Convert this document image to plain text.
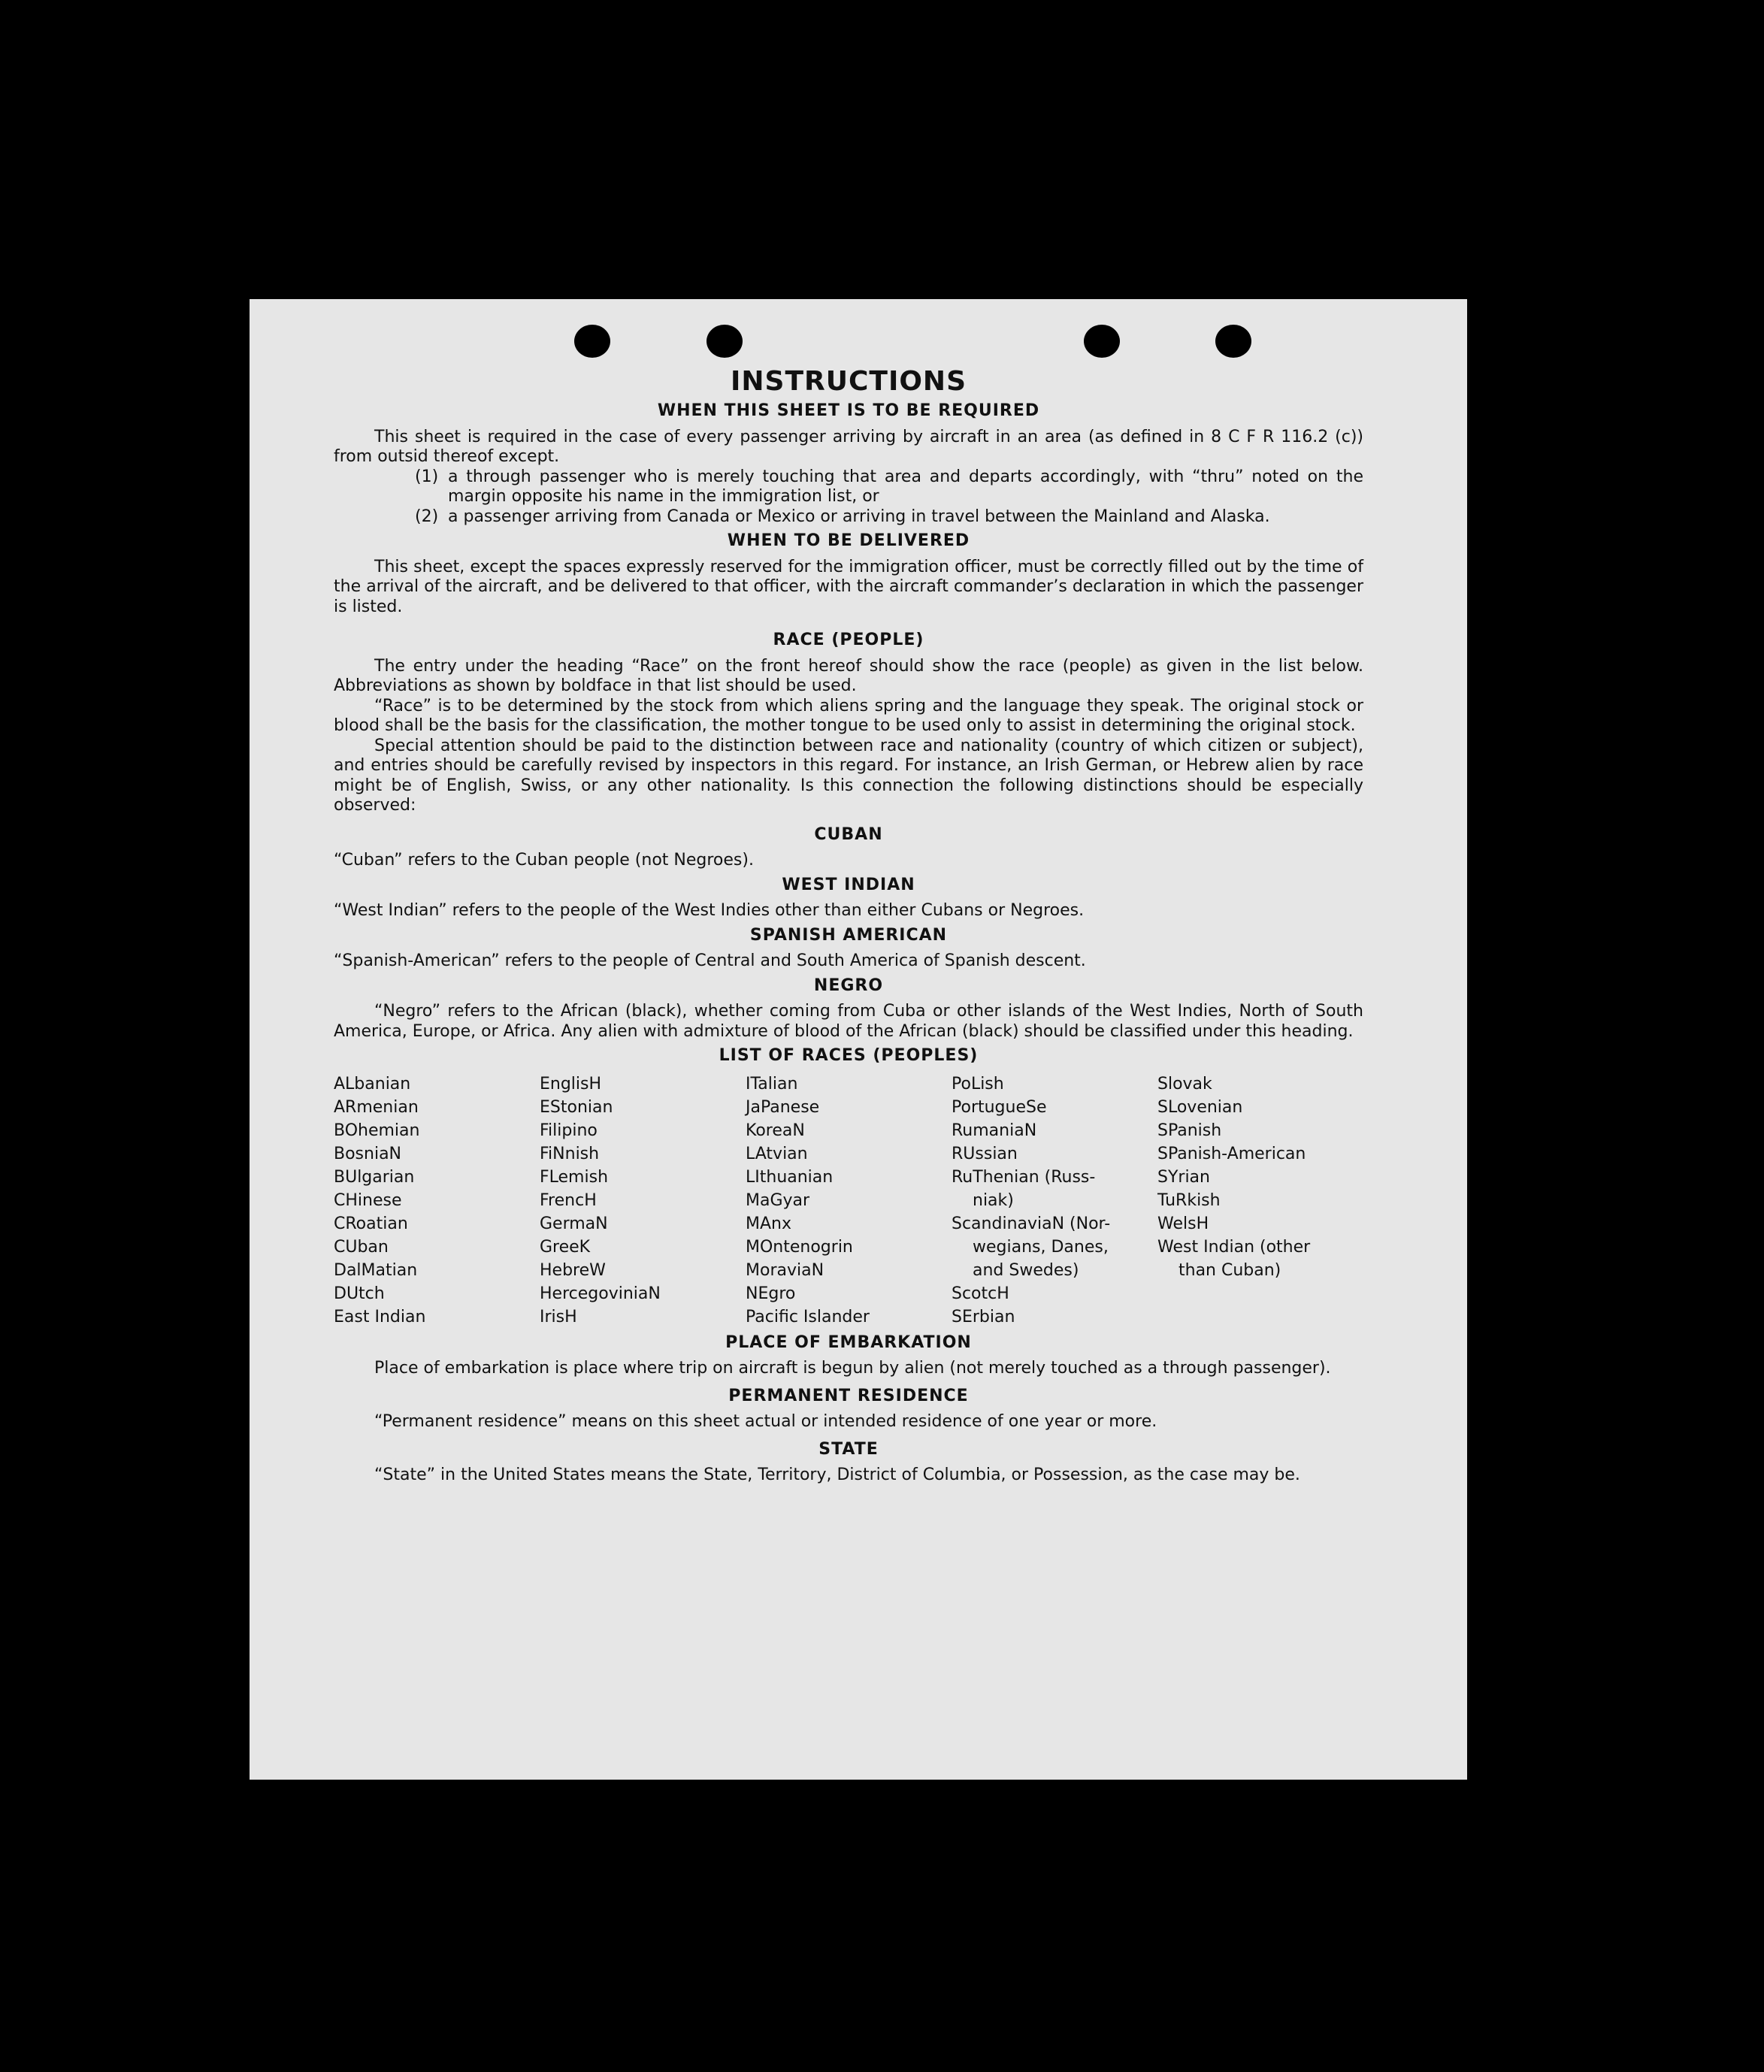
INSTRUCTIONS
WHEN THIS SHEET IS TO BE REQUIRED

This sheet is required in the case of every passenger arriving by aircraft in an area (as defined in 8 C F R 116.2 (c)) from outsid thereof except.

(1) a through passenger who is merely touching that area and departs accordingly, with “thru” noted on the margin opposite his name in the immigration list, or
(2) a passenger arriving from Canada or Mexico or arriving in travel between the Mainland and Alaska.
WHEN TO BE DELIVERED

This sheet, except the spaces expressly reserved for the immigration officer, must be correctly filled out by the time of the arrival of the aircraft, and be delivered to that officer, with the aircraft commander’s declaration in which the passenger is listed.

RACE (PEOPLE)

The entry under the heading “Race” on the front hereof should show the race (people) as given in the list below. Abbreviations as shown by boldface in that list should be used.

“Race” is to be determined by the stock from which aliens spring and the language they speak. The original stock or blood shall be the basis for the classification, the mother tongue to be used only to assist in determining the original stock.

Special attention should be paid to the distinction between race and nationality (country of which citizen or subject), and entries should be carefully revised by inspectors in this regard. For instance, an Irish German, or Hebrew alien by race might be of English, Swiss, or any other nationality. Is this connection the following distinctions should be especially observed:

CUBAN

“Cuban” refers to the Cuban people (not Negroes).

WEST INDIAN

“West Indian” refers to the people of the West Indies other than either Cubans or Negroes.

SPANISH AMERICAN

“Spanish-American” refers to the people of Central and South America of Spanish descent.

NEGRO

“Negro” refers to the African (black), whether coming from Cuba or other islands of the West Indies, North of South America, Europe, or Africa. Any alien with admixture of blood of the African (black) should be classified under this heading.

LIST OF RACES (PEOPLES)
ALbanian
ARmenian
BOhemian
BosniaN
BUlgarian
CHinese
CRoatian
CUban
DalMatian
DUtch
East Indian
EnglisH
EStonian
Filipino
FiNnish
FLemish
FrencH
GermaN
GreeK
HebreW
HercegoviniaN
IrisH
ITalian
JaPanese
KoreaN
LAtvian
LIthuanian
MaGyar
MAnx
MOntenogrin
MoraviaN
NEgro
Pacific Islander
PoLish
PortugueSe
RumaniaN
RUssian
RuThenian (Russ-
niak)
ScandinaviaN (Nor-
wegians, Danes,
and Swedes)
ScotcH
SErbian
Slovak
SLovenian
SPanish
SPanish-American
SYrian
TuRkish
WelsH
West Indian (other
than Cuban)
PLACE OF EMBARKATION

Place of embarkation is place where trip on aircraft is begun by alien (not merely touched as a through passenger).

PERMANENT RESIDENCE

“Permanent residence” means on this sheet actual or intended residence of one year or more.

STATE

“State” in the United States means the State, Territory, District of Columbia, or Possession, as the case may be.
